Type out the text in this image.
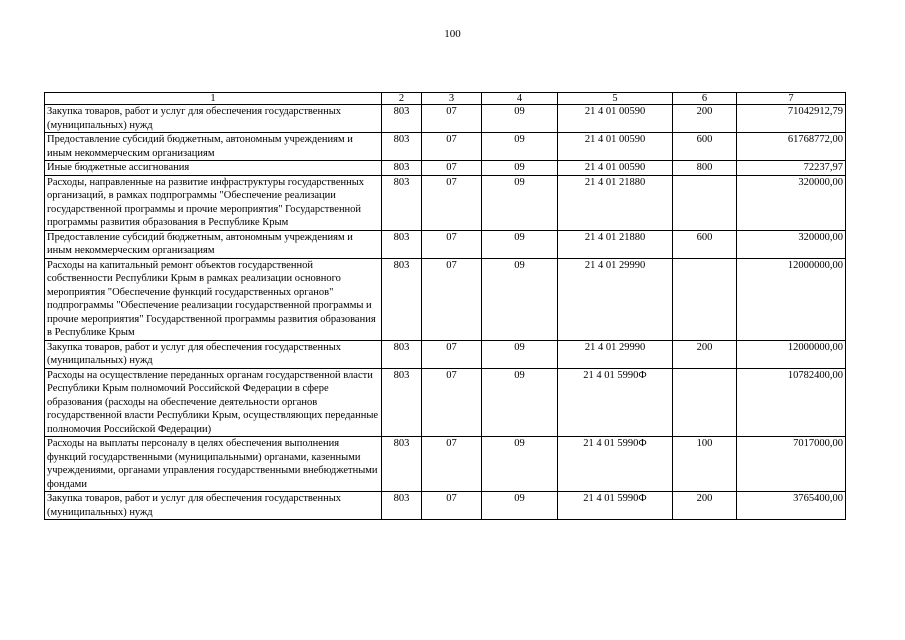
100
1	2	3	4	5	6	7
Закупка товаров, работ и услуг для обеспечения государственных (муниципальных) нужд	803	07	09	21 4 01 00590	200	71042912,79
Предоставление субсидий бюджетным, автономным учреждениям и иным некоммерческим организациям	803	07	09	21 4 01 00590	600	61768772,00
Иные бюджетные ассигнования	803	07	09	21 4 01 00590	800	72237,97
Расходы, направленные на развитие инфраструктуры государственных организаций, в рамках подпрограммы "Обеспечение реализации государственной программы и прочие мероприятия" Государственной программы развития образования в Республике Крым	803	07	09	21 4 01 21880		320000,00
Предоставление субсидий бюджетным, автономным учреждениям и иным некоммерческим организациям	803	07	09	21 4 01 21880	600	320000,00
Расходы на капитальный ремонт объектов государственной собственности Республики Крым в рамках реализации основного мероприятия "Обеспечение функций государственных органов" подпрограммы "Обеспечение реализации государственной программы и прочие мероприятия" Государственной программы развития образования в Республике Крым	803	07	09	21 4 01 29990		12000000,00
Закупка товаров, работ и услуг для обеспечения государственных (муниципальных) нужд	803	07	09	21 4 01 29990	200	12000000,00
Расходы на осуществление переданных органам государственной власти Республики Крым полномочий Российской Федерации в сфере образования (расходы на обеспечение деятельности органов государственной власти Республики Крым, осуществляющих переданные полномочия Российской Федерации)	803	07	09	21 4 01 5990Ф		10782400,00
Расходы на выплаты персоналу в целях обеспечения выполнения функций государственными (муниципальными) органами, казенными учреждениями, органами управления государственными внебюджетными фондами	803	07	09	21 4 01 5990Ф	100	7017000,00
Закупка товаров, работ и услуг для обеспечения государственных (муниципальных) нужд	803	07	09	21 4 01 5990Ф	200	3765400,00
